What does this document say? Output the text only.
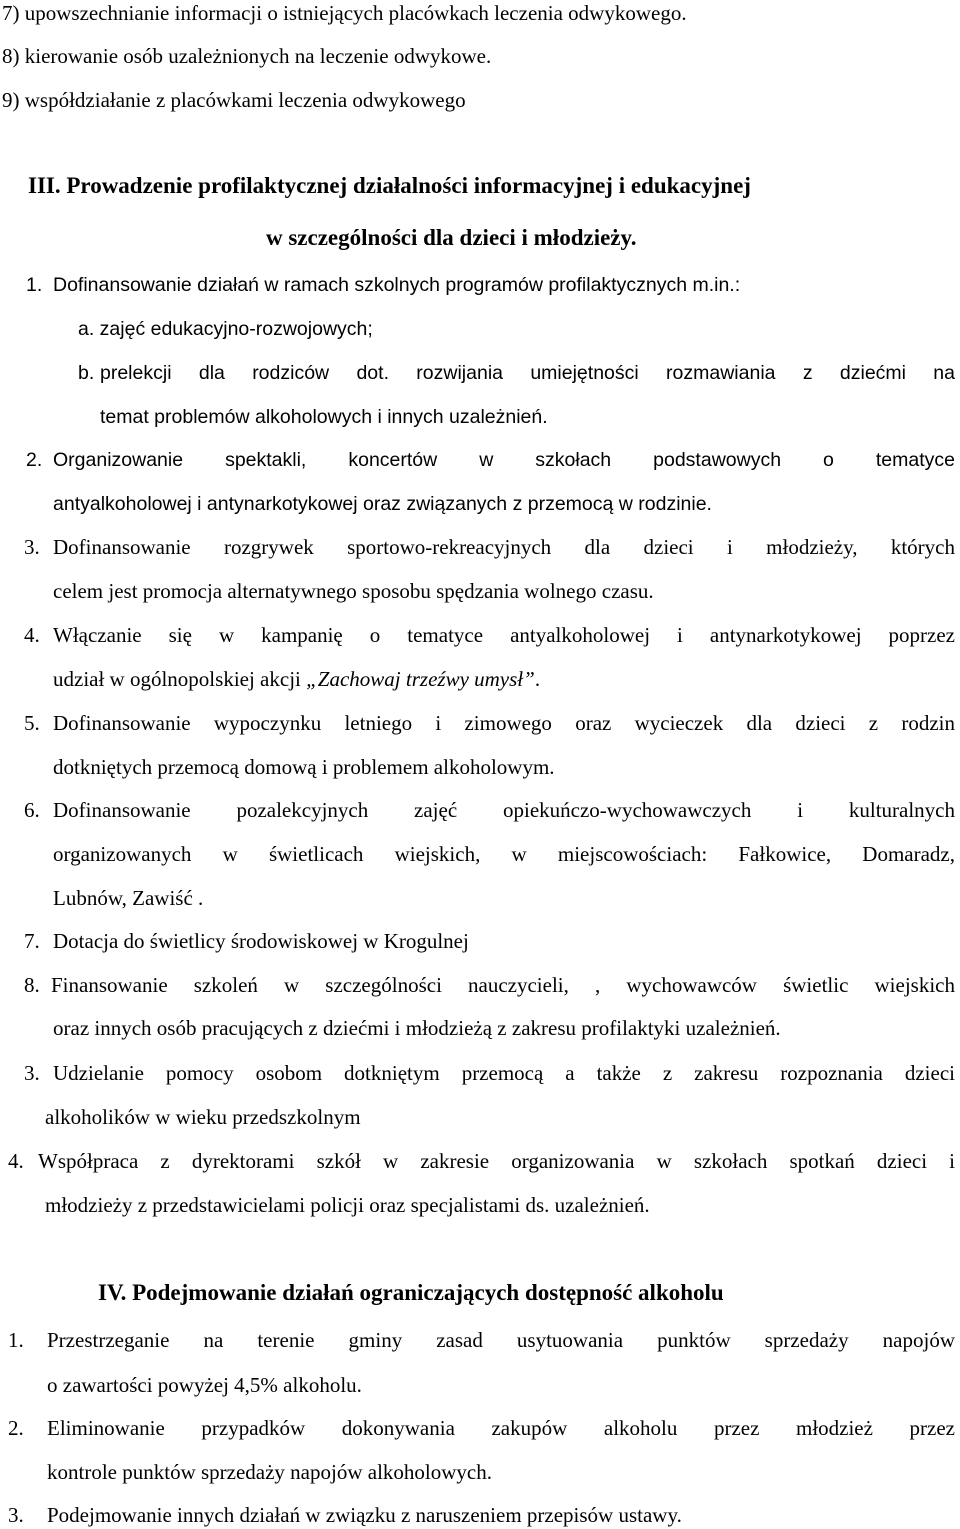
7) upowszechnianie informacji o istniejących placówkach leczenia odwykowego.
8) kierowanie osób uzależnionych na leczenie odwykowe.
9) współdziałanie z placówkami leczenia odwykowego
III. Prowadzenie profilaktycznej działalności informacyjnej i edukacyjnej
w szczególności dla dzieci i młodzieży.
1. Dofinansowanie działań w ramach szkolnych programów profilaktycznych m.in.:
a. zajęć edukacyjno-rozwojowych;
b. prelekcji dla rodziców dot. rozwijania umiejętności rozmawiania z dziećmi na
temat problemów alkoholowych i innych uzależnień.
2. Organizowanie spektakli, koncertów w szkołach podstawowych o tematyce
antyalkoholowej i antynarkotykowej oraz związanych z przemocą w rodzinie.
3. Dofinansowanie rozgrywek sportowo-rekreacyjnych dla dzieci i młodzieży, których
celem jest promocja alternatywnego sposobu spędzania wolnego czasu.
4. Włączanie się w kampanię o tematyce antyalkoholowej i antynarkotykowej poprzez
udział w ogólnopolskiej akcji „Zachowaj trzeźwy umysł”.
5. Dofinansowanie wypoczynku letniego i zimowego oraz wycieczek dla dzieci z rodzin
dotkniętych przemocą domową i problemem alkoholowym.
6. Dofinansowanie pozalekcyjnych zajęć opiekuńczo-wychowawczych i kulturalnych
organizowanych w świetlicach wiejskich, w miejscowościach: Fałkowice, Domaradz,
Lubnów, Zawiść .
7. Dotacja do świetlicy środowiskowej w Krogulnej
8. Finansowanie szkoleń w szczególności nauczycieli, , wychowawców świetlic wiejskich
oraz innych osób pracujących z dziećmi i młodzieżą z zakresu profilaktyki uzależnień.
3. Udzielanie pomocy osobom dotkniętym przemocą a także z zakresu rozpoznania dzieci
alkoholików w wieku przedszkolnym
4. Współpraca z dyrektorami szkół w zakresie organizowania w szkołach spotkań dzieci i
młodzieży z przedstawicielami policji oraz specjalistami ds. uzależnień.
IV. Podejmowanie działań ograniczających dostępność alkoholu
1. Przestrzeganie na terenie gminy zasad usytuowania punktów sprzedaży napojów
o zawartości powyżej 4,5% alkoholu.
2. Eliminowanie przypadków dokonywania zakupów alkoholu przez młodzież przez
kontrole punktów sprzedaży napojów alkoholowych.
3. Podejmowanie innych działań w związku z naruszeniem przepisów ustawy.
